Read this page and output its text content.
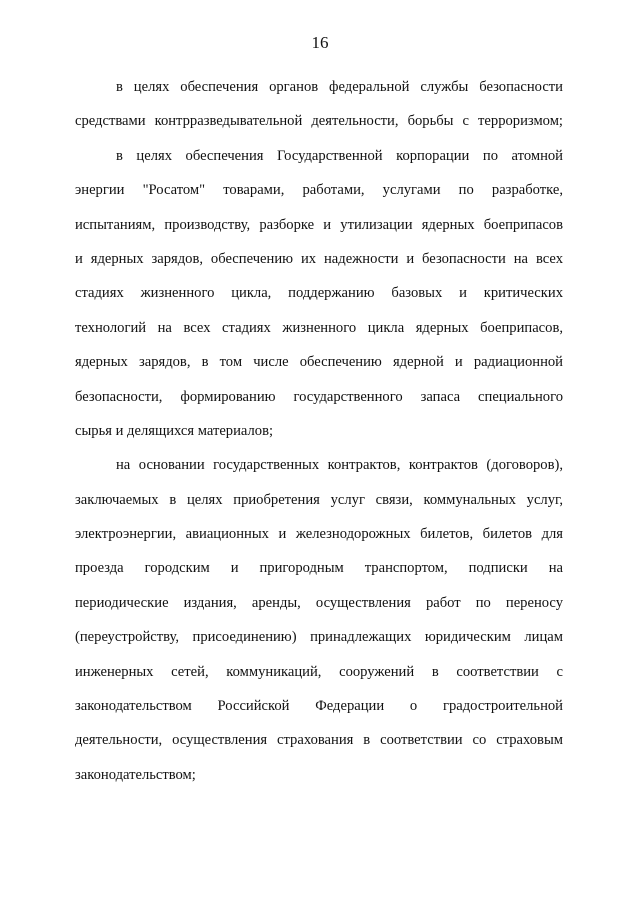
16
в целях обеспечения органов федеральной службы безопасности
средствами контрразведывательной деятельности, борьбы с терроризмом;
в целях обеспечения Государственной корпорации по атомной
энергии "Росатом" товарами, работами, услугами по разработке,
испытаниям, производству, разборке и утилизации ядерных боеприпасов
и ядерных зарядов, обеспечению их надежности и безопасности на всех
стадиях жизненного цикла, поддержанию базовых и критических
технологий на всех стадиях жизненного цикла ядерных боеприпасов,
ядерных зарядов, в том числе обеспечению ядерной и радиационной
безопасности, формированию государственного запаса специального
сырья и делящихся материалов;
на основании государственных контрактов, контрактов (договоров),
заключаемых в целях приобретения услуг связи, коммунальных услуг,
электроэнергии, авиационных и железнодорожных билетов, билетов для
проезда городским и пригородным транспортом, подписки на
периодические издания, аренды, осуществления работ по переносу
(переустройству, присоединению) принадлежащих юридическим лицам
инженерных сетей, коммуникаций, сооружений в соответствии с
законодательством Российской Федерации о градостроительной
деятельности, осуществления страхования в соответствии со страховым
законодательством;
